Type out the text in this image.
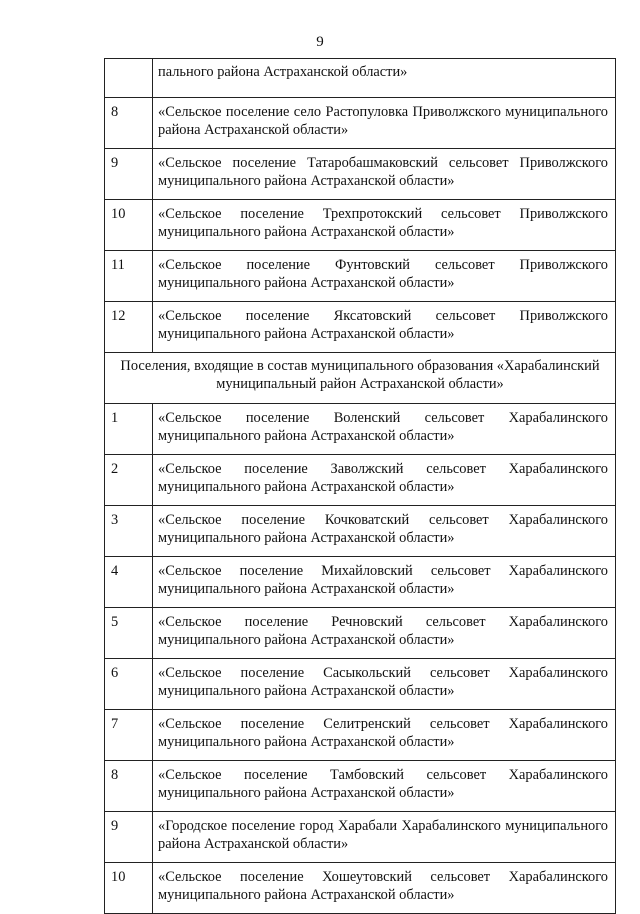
9
	пального района Астраханской области»
8	«Сельское поселение село Растопуловка Приволжского муниципального района Астраханской области»
9	«Сельское поселение Татаробашмаковский сельсовет Приволжского муниципального района Астраханской области»
10	«Сельское поселение Трехпротокский сельсовет Приволжского муниципального района Астраханской области»
11	«Сельское поселение Фунтовский сельсовет Приволжского муниципального района Астраханской области»
12	«Сельское поселение Яксатовский сельсовет Приволжского муниципального района Астраханской области»
Поселения, входящие в состав муниципального образования «Харабалинский муниципальный район Астраханской области»	
1	«Сельское поселение Воленский сельсовет Харабалинского муниципального района Астраханской области»
2	«Сельское поселение Заволжский сельсовет Харабалинского муниципального района Астраханской области»
3	«Сельское поселение Кочковатский сельсовет Харабалинского муниципального района Астраханской области»
4	«Сельское поселение Михайловский сельсовет Харабалинского муниципального района Астраханской области»
5	«Сельское поселение Речновский сельсовет Харабалинского муниципального района Астраханской области»
6	«Сельское поселение Сасыкольский сельсовет Харабалинского муниципального района Астраханской области»
7	«Сельское поселение Селитренский сельсовет Харабалинского муниципального района Астраханской области»
8	«Сельское поселение Тамбовский сельсовет Харабалинского муниципального района Астраханской области»
9	«Городское поселение город Харабали Харабалинского муниципального района Астраханской области»
10	«Сельское поселение Хошеутовский сельсовет Харабалинского муниципального района Астраханской области»
